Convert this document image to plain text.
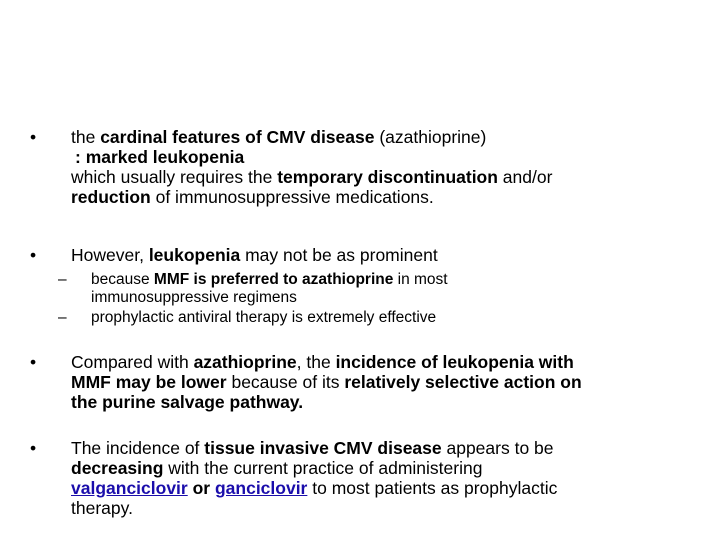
• the cardinal features of CMV disease (azathioprine)
: marked leukopenia
which usually requires the temporary discontinuation and/or
reduction of immunosuppressive medications.
• However, leukopenia may not be as prominent
– because MMF is preferred to azathioprine in most
immunosuppressive regimens
– prophylactic antiviral therapy is extremely effective
• Compared with azathioprine, the incidence of leukopenia with
MMF may be lower because of its relatively selective action on
the purine salvage pathway.
• The incidence of tissue invasive CMV disease appears to be
decreasing with the current practice of administering
valganciclovir or ganciclovir to most patients as prophylactic
therapy.
